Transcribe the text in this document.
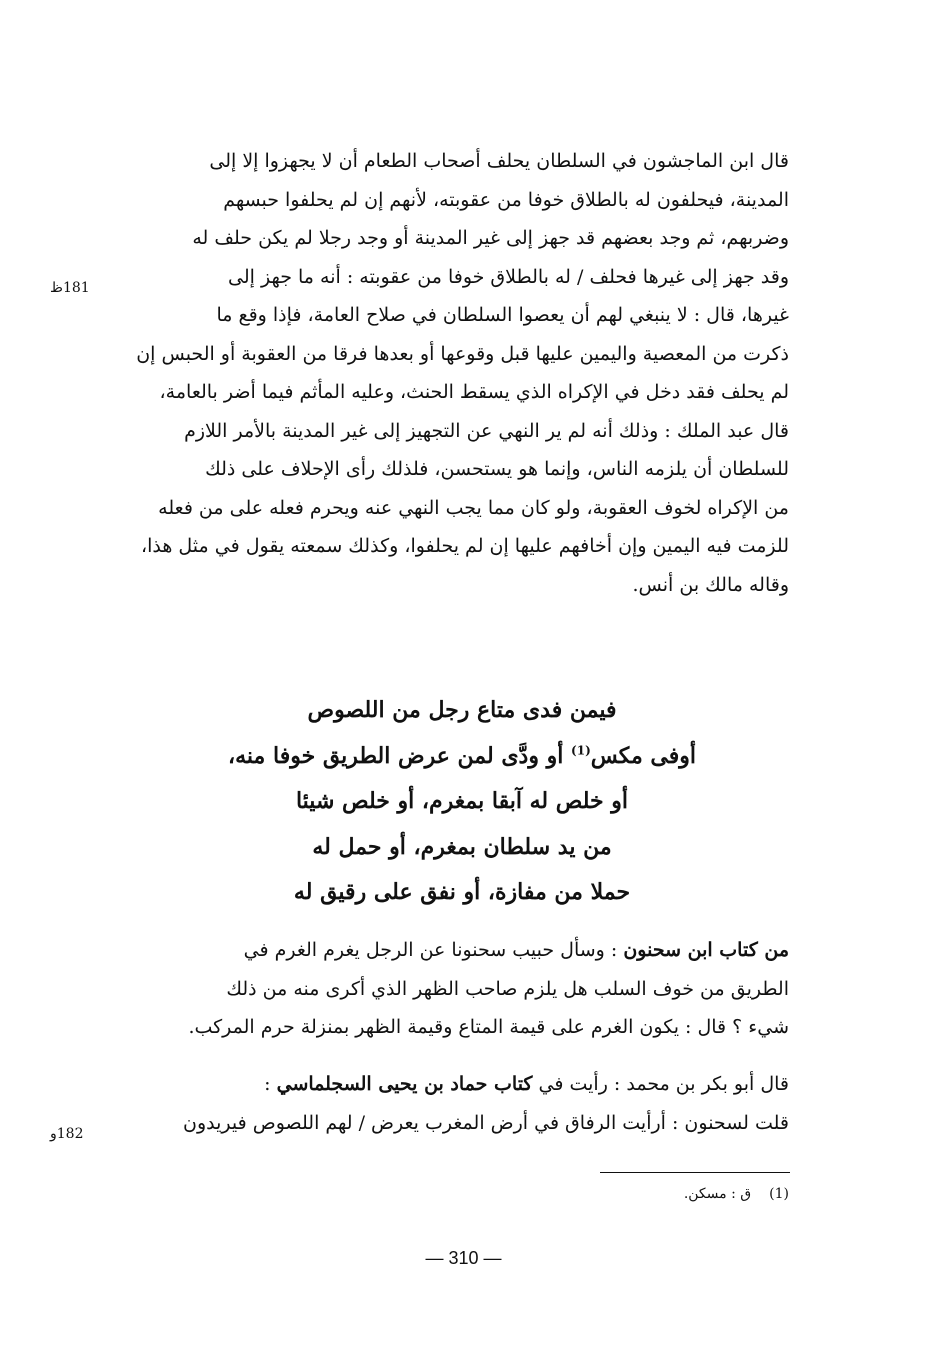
قال ابن الماجشون في السلطان يحلف أصحاب الطعام أن لا يجهزوا إلا إلى
المدينة، فيحلفون له بالطلاق خوفا من عقوبته، لأنهم إن لم يحلفوا حبسهم
وضربهم، ثم وجد بعضهم قد جهز إلى غير المدينة أو وجد رجلا لم يكن حلف له
وقد جهز إلى غيرها فحلف / له بالطلاق خوفا من عقوبته : أنه ما جهز إلى
غيرها، قال : لا ينبغي لهم أن يعصوا السلطان في صلاح العامة، فإذا وقع ما
ذكرت من المعصية واليمين عليها قبل وقوعها أو بعدها فرقا من العقوبة أو الحبس إن
لم يحلف فقد دخل في الإكراه الذي يسقط الحنث، وعليه المأثم فيما أضر بالعامة،
قال عبد الملك : وذلك أنه لم ير النهي عن التجهيز إلى غير المدينة بالأمر اللازم
للسلطان أن يلزمه الناس، وإنما هو يستحسن، فلذلك رأى الإحلاف على ذلك
من الإكراه لخوف العقوبة، ولو كان مما يجب النهي عنه ويحرم فعله على من فعله
للزمت فيه اليمين وإن أخافهم عليها إن لم يحلفوا، وكذلك سمعته يقول في مثل هذا،
وقاله مالك بن أنس.
181ظ
فيمن فدى متاع رجل من اللصوص
أوفى مكس$^{(1)}$ أو ودَّى لمن عرض الطريق خوفا منه،
أو خلص له آبقا بمغرم، أو خلص شيئا
من يد سلطان بمغرم، أو حمل له
حملا من مفازة، أو نفق على رقيق له
من كتاب ابن سحنون : وسأل حبيب سحنونا عن الرجل يغرم الغرم في
الطريق من خوف السلب هل يلزم صاحب الظهر الذي أكرى منه من ذلك
شيء ؟ قال : يكون الغرم على قيمة المتاع وقيمة الظهر بمنزلة حرم المركب.
قال أبو بكر بن محمد : رأيت في كتاب حماد بن يحيى السجلماسي :
قلت لسحنون : أرأيت الرفاق في أرض المغرب يعرض / لهم اللصوص فيريدون
182و
(1)ق : مسكن.
— 310 —
